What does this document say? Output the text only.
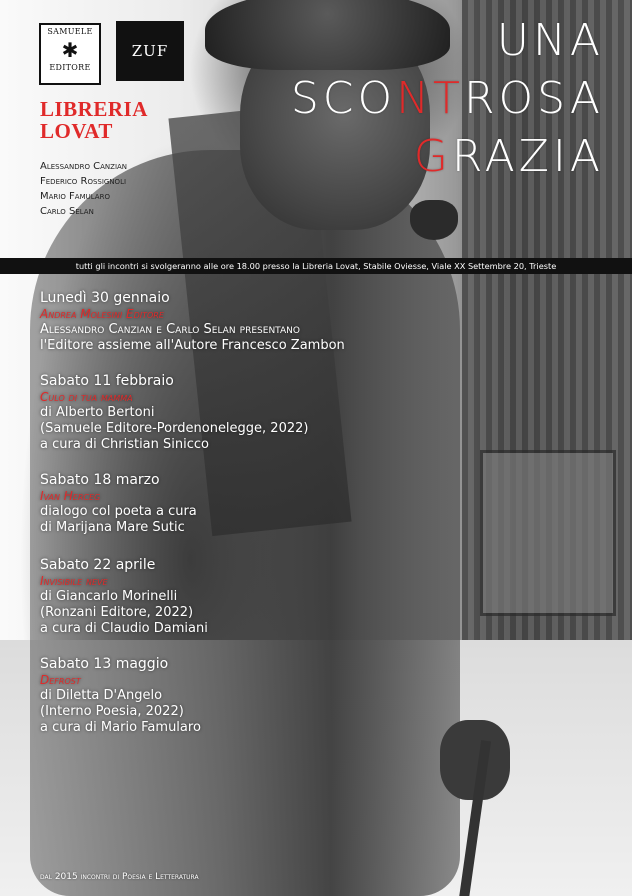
SAMUELE
✱
EDITORE
ZUF
LIBRERIA
LOVAT
Alessandro Canzian
Federico Rossignoli
Mario Famularo
Carlo Selan
UNA
SCONTROSA
GRAZIA
tutti gli incontri si svolgeranno alle ore 18.00 presso la Libreria Lovat, Stabile Oviesse, Viale XX Settembre 20, Trieste
Lunedì 30 gennaio
Andrea Molesini Editore
Alessandro Canzian e Carlo Selan presentano
l'Editore assieme all'Autore Francesco Zambon
Sabato 11 febbraio
Culo di tua mamma
di Alberto Bertoni
(Samuele Editore-Pordenonelegge, 2022)
a cura di Christian Sinicco
Sabato 18 marzo
Ivan Herceg
dialogo col poeta a cura
di Marijana Mare Sutic
Sabato 22 aprile
Invisibile neve
di Giancarlo Morinelli
(Ronzani Editore, 2022)
a cura di Claudio Damiani
Sabato 13 maggio
Defrost
di Diletta D'Angelo
(Interno Poesia, 2022)
a cura di Mario Famularo
dal 2015 incontri di Poesia e Letteratura
